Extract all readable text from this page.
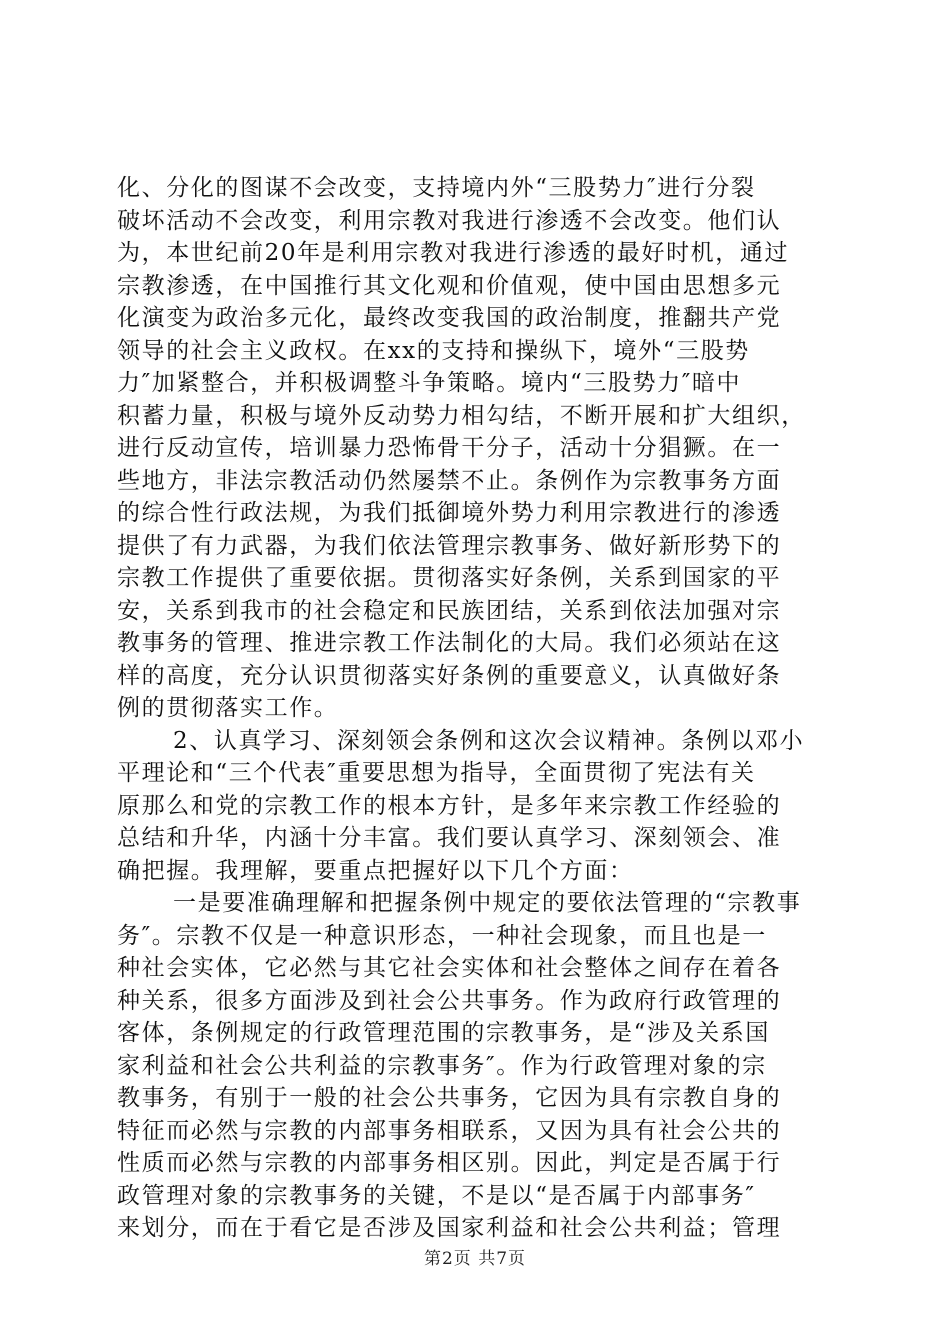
化、分化的图谋不会改变，支持境内外“三股势力″进行分裂
破坏活动不会改变，利用宗教对我进行渗透不会改变。他们认
为，本世纪前20年是利用宗教对我进行渗透的最好时机，通过
宗教渗透，在中国推行其文化观和价值观，使中国由思想多元
化演变为政治多元化，最终改变我国的政治制度，推翻共产党
领导的社会主义政权。在xx的支持和操纵下，境外“三股势
力″加紧整合，并积极调整斗争策略。境内“三股势力″暗中
积蓄力量，积极与境外反动势力相勾结，不断开展和扩大组织，
进行反动宣传，培训暴力恐怖骨干分子，活动十分猖獗。在一
些地方，非法宗教活动仍然屡禁不止。条例作为宗教事务方面
的综合性行政法规，为我们抵御境外势力利用宗教进行的渗透
提供了有力武器，为我们依法管理宗教事务、做好新形势下的
宗教工作提供了重要依据。贯彻落实好条例，关系到国家的平
安，关系到我市的社会稳定和民族团结，关系到依法加强对宗
教事务的管理、推进宗教工作法制化的大局。我们必须站在这
样的高度，充分认识贯彻落实好条例的重要意义，认真做好条
例的贯彻落实工作。
2、认真学习、深刻领会条例和这次会议精神。条例以邓小
平理论和“三个代表″重要思想为指导，全面贯彻了宪法有关
原那么和党的宗教工作的根本方针，是多年来宗教工作经验的
总结和升华，内涵十分丰富。我们要认真学习、深刻领会、准
确把握。我理解，要重点把握好以下几个方面：
一是要准确理解和把握条例中规定的要依法管理的“宗教事
务″。宗教不仅是一种意识形态，一种社会现象，而且也是一
种社会实体，它必然与其它社会实体和社会整体之间存在着各
种关系，很多方面涉及到社会公共事务。作为政府行政管理的
客体，条例规定的行政管理范围的宗教事务，是“涉及关系国
家利益和社会公共利益的宗教事务″。作为行政管理对象的宗
教事务，有别于一般的社会公共事务，它因为具有宗教自身的
特征而必然与宗教的内部事务相联系，又因为具有社会公共的
性质而必然与宗教的内部事务相区别。因此，判定是否属于行
政管理对象的宗教事务的关键，不是以“是否属于内部事务″
来划分，而在于看它是否涉及国家利益和社会公共利益；管理
第2页 共7页
